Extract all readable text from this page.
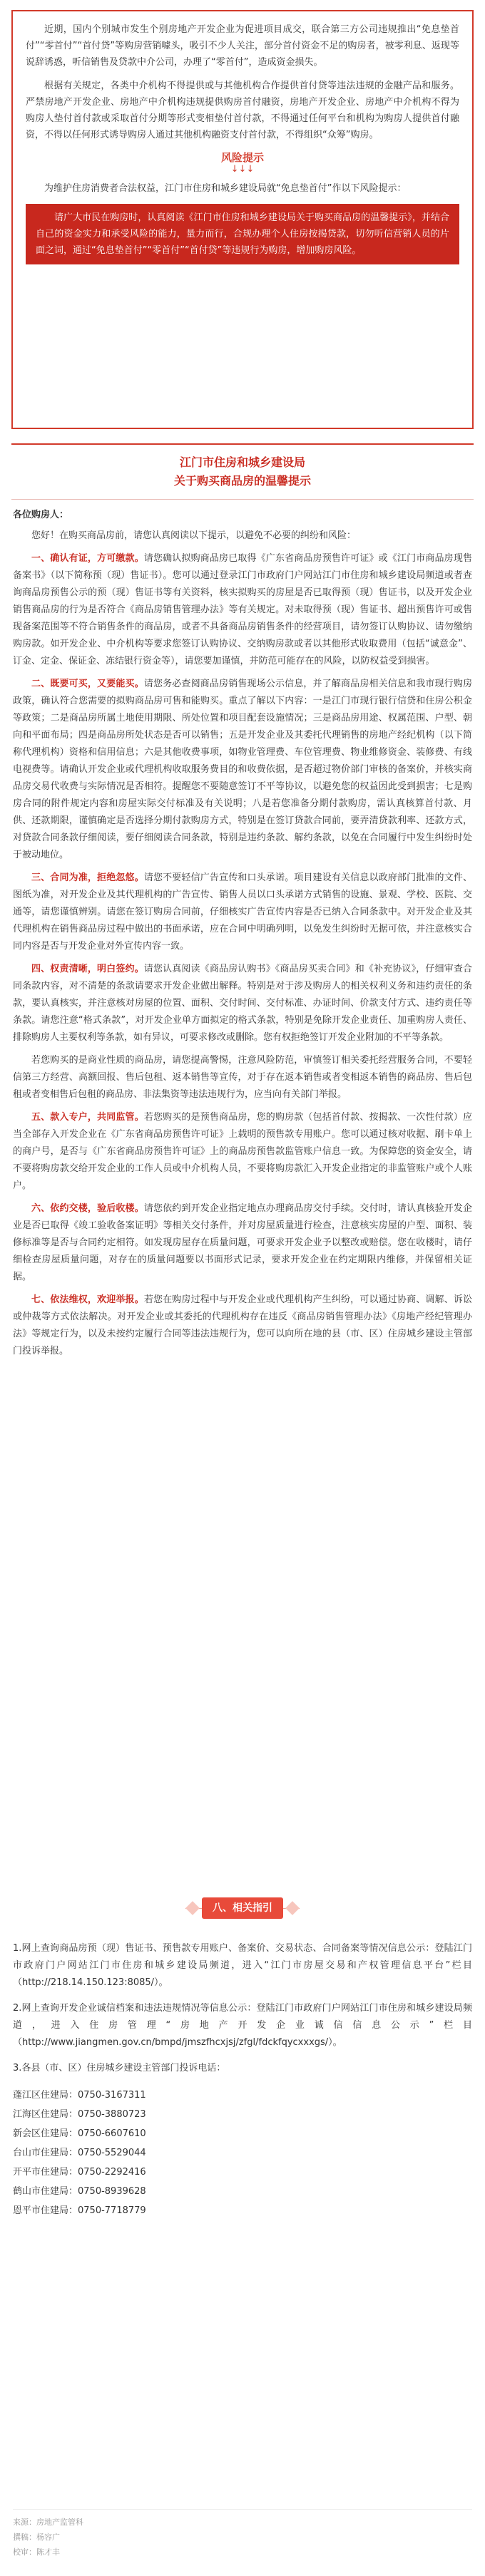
近期，国内个别城市发生个别房地产开发企业为促进项目成交，联合第三方公司违规推出“免息垫首付”“零首付”“首付贷”等购房营销噱头，吸引不少人关注，部分首付资金不足的购房者，被零利息、返现等说辞诱惑，听信销售及贷款中介公司，办理了“零首付”，造成资金损失。

根据有关规定，各类中介机构不得提供或与其他机构合作提供首付贷等违法违规的金融产品和服务。严禁房地产开发企业、房地产中介机构违规提供购房首付融资，房地产开发企业、房地产中介机构不得为购房人垫付首付款或采取首付分期等形式变相垫付首付款，不得通过任何平台和机构为购房人提供首付融资，不得以任何形式诱导购房人通过其他机构融资支付首付款，不得组织“众筹”购房。

风险提示
↓↓↓

为维护住房消费者合法权益，江门市住房和城乡建设局就“免息垫首付”作以下风险提示：

请广大市民在购房时，认真阅读《江门市住房和城乡建设局关于购买商品房的温馨提示》，并结合自己的资金实力和承受风险的能力，量力而行，合规办理个人住房按揭贷款，切勿听信营销人员的片面之词，通过“免息垫首付”“零首付”“首付贷”等违规行为购房，增加购房风险。
江门市住房和城乡建设局
关于购买商品房的温馨提示
各位购房人：

您好！在购买商品房前，请您认真阅读以下提示，以避免不必要的纠纷和风险：

一、确认有证，方可缴款。请您确认拟购商品房已取得《广东省商品房预售许可证》或《江门市商品房现售备案书》（以下简称预（现）售证书）。您可以通过登录江门市政府门户网站江门市住房和城乡建设局频道或者查询商品房预售公示的预（现）售证书等有关资料，核实拟购买的房屋是否已取得预（现）售证书，以及开发企业销售商品房的行为是否符合《商品房销售管理办法》等有关规定。对未取得预（现）售证书、超出预售许可或售现备案范围等不符合销售条件的商品房，或者不具备商品房销售条件的经营项目，请勿签订认购协议、请勿缴纳购房款。如开发企业、中介机构等要求您签订认购协议、交纳购房款或者以其他形式收取费用（包括“诚意金”、订金、定金、保证金、冻结银行资金等），请您要加谨慎，并防范可能存在的风险，以防权益受到损害。

二、既要可买，又要能买。请您务必查阅商品房销售现场公示信息，并了解商品房相关信息和我市现行购房政策，确认符合您需要的拟购商品房可售和能购买。重点了解以下内容：一是江门市现行银行信贷和住房公积金等政策；二是商品房所属土地使用期限、所处位置和项目配套设施情况；三是商品房用途、权属范围、户型、朝向和平面布局；四是商品房所处状态是否可以销售；五是开发企业及其委托代理销售的房地产经纪机构（以下简称代理机构）资格和信用信息；六是其他收费事项，如物业管理费、车位管理费、物业维修资金、装修费、有线电视费等。请确认开发企业或代理机构收取服务费目的和收费依据，是否超过物价部门审核的备案价，并核实商品房交易代收费与实际情况是否相符。提醒您不要随意签订不平等协议，以避免您的权益因此受到损害；七是购房合同的附件规定内容和房屋实际交付标准及有关说明；八是若您准备分期付款购房，需认真核算首付款、月供、还款期限，谨慎确定是否选择分期付款购房方式，特别是在签订贷款合同前，要弄清贷款利率、还款方式，对贷款合同条款仔细阅读，要仔细阅读合同条款，特别是违约条款、解约条款，以免在合同履行中发生纠纷时处于被动地位。

三、合同为准，拒绝忽悠。请您不要轻信广告宣传和口头承诺。项目建设有关信息以政府部门批准的文件、图纸为准，对开发企业及其代理机构的广告宣传、销售人员以口头承诺方式销售的设施、景观、学校、医院、交通等，请您谨慎辨别。请您在签订购房合同前，仔细核实广告宣传内容是否已纳入合同条款中。对开发企业及其代理机构在销售商品房过程中做出的书面承诺，应在合同中明确列明，以免发生纠纷时无据可依，并注意核实合同内容是否与开发企业对外宣传内容一致。

四、权责清晰，明白签约。请您认真阅读《商品房认购书》《商品房买卖合同》和《补充协议》，仔细审查合同条款内容，对不清楚的条款请要求开发企业做出解释。特别是对于涉及购房人的相关权利义务和违约责任的条款，要认真核实，并注意核对房屋的位置、面积、交付时间、交付标准、办证时间、价款支付方式、违约责任等条款。请您注意“格式条款”，对开发企业单方面拟定的格式条款，特别是免除开发企业责任、加重购房人责任、排除购房人主要权利等条款，如有异议，可要求修改或删除。您有权拒绝签订开发企业附加的不平等条款。

若您购买的是商业性质的商品房，请您提高警惕，注意风险防范，审慎签订相关委托经营服务合同，不要轻信第三方经营、高额回报、售后包租、返本销售等宣传，对于存在返本销售或者变相返本销售的商品房、售后包租或者变相售后包租的商品房、非法集资等违法违规行为，应当向有关部门举报。

五、款入专户，共同监管。若您购买的是预售商品房，您的购房款（包括首付款、按揭款、一次性付款）应当全部存入开发企业在《广东省商品房预售许可证》上载明的预售款专用账户。您可以通过核对收据、刷卡单上的商户号，是否与《广东省商品房预售许可证》上的商品房预售款监管账户信息一致。为保障您的资金安全，请不要将购房款交给开发企业的工作人员或中介机构人员，不要将购房款汇入开发企业指定的非监管账户或个人账户。

六、依约交楼，验后收楼。请您依约到开发企业指定地点办理商品房交付手续。交付时，请认真核验开发企业是否已取得《竣工验收备案证明》等相关交付条件，并对房屋质量进行检查，注意核实房屋的户型、面积、装修标准等是否与合同约定相符。如发现房屋存在质量问题，可要求开发企业予以整改或赔偿。您在收楼时，请仔细检查房屋质量问题，对存在的质量问题要以书面形式记录，要求开发企业在约定期限内维修，并保留相关证据。

七、依法维权，欢迎举报。若您在购房过程中与开发企业或代理机构产生纠纷，可以通过协商、调解、诉讼或仲裁等方式依法解决。对开发企业或其委托的代理机构存在违反《商品房销售管理办法》《房地产经纪管理办法》等规定行为，以及未按约定履行合同等违法违规行为，您可以向所在地的县（市、区）住房城乡建设主管部门投诉举报。

八、相关指引

1.网上查询商品房预（现）售证书、预售款专用账户、备案价、交易状态、合同备案等情况信息公示：登陆江门市政府门户网站江门市住房和城乡建设局频道，进入“江门市房屋交易和产权管理信息平台”栏目（http://218.14.150.123:8085/）。

2.网上查询开发企业诚信档案和违法违规情况等信息公示：登陆江门市政府门户网站江门市住房和城乡建设局频道，进入住房管理“房地产开发企业诚信信息公示”栏目（http://www.jiangmen.gov.cn/bmpd/jmszfhcxjsj/zfgl/fdckfqycxxxgs/）。

3.各县（市、区）住房城乡建设主管部门投诉电话：

蓬江区住建局：0750-3167311
江海区住建局：0750-3880723
新会区住建局：0750-6607610
台山市住建局：0750-5529044
开平市住建局：0750-2292416
鹤山市住建局：0750-8939628
恩平市住建局：0750-7718779
来源：房地产监管科
撰稿：杨容广
校审：陈才丰
